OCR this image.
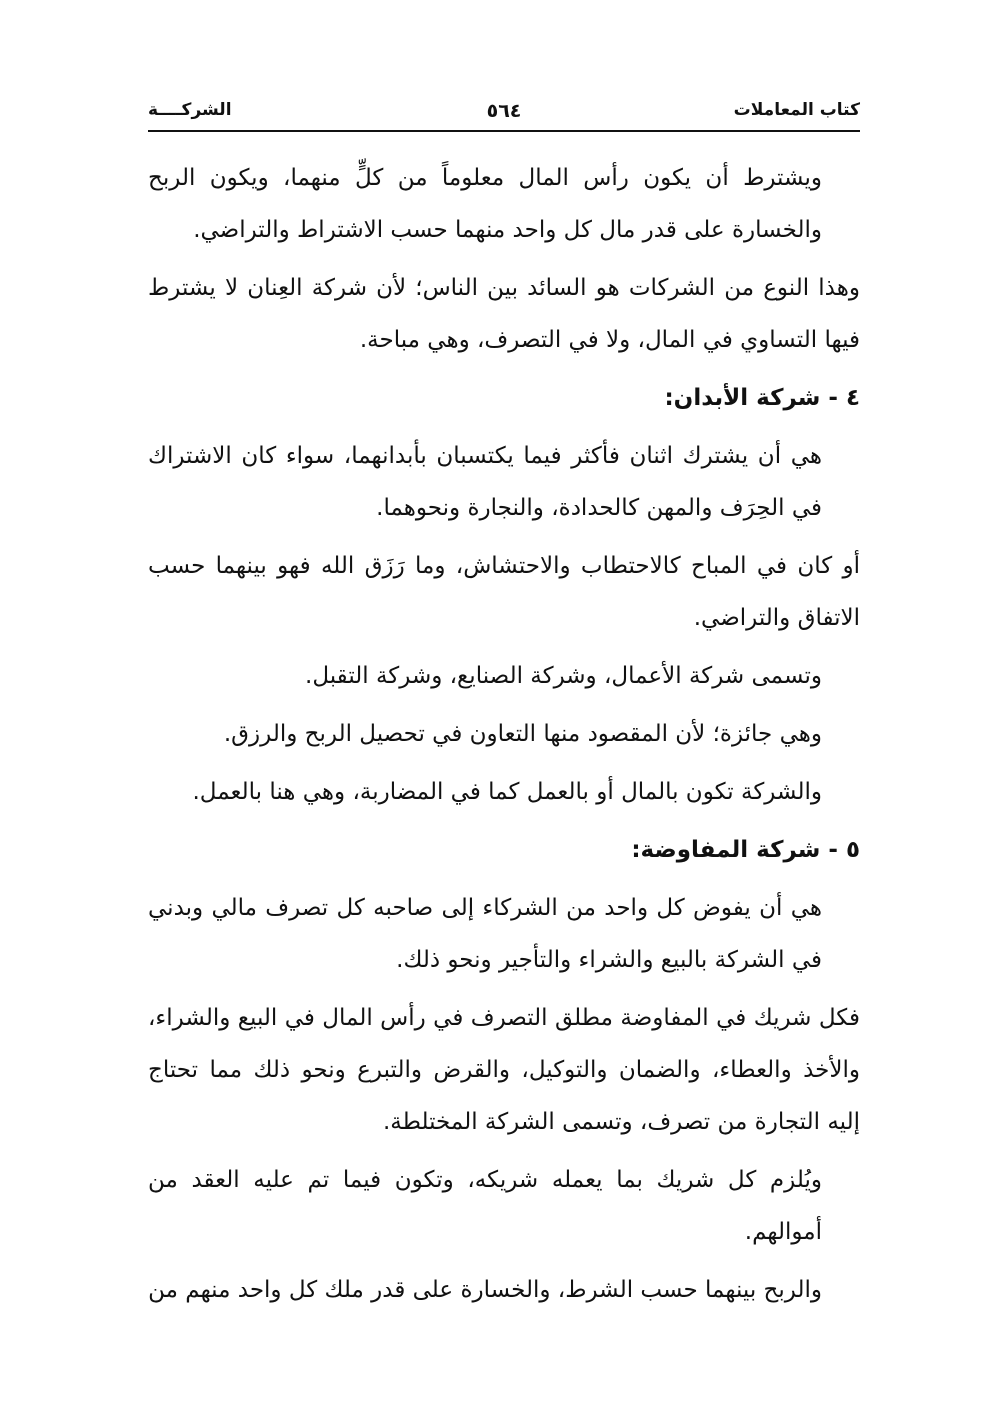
كتاب المعاملات
٥٦٤
الشركــــة

ويشترط أن يكون رأس المال معلوماً من كلٍّ منهما، ويكون الربح والخسارة على قدر مال كل واحد منهما حسب الاشتراط والتراضي.

وهذا النوع من الشركات هو السائد بين الناس؛ لأن شركة العِنان لا يشترط فيها التساوي في المال، ولا في التصرف، وهي مباحة.

٤ - شركة الأبدان:

هي أن يشترك اثنان فأكثر فيما يكتسبان بأبدانهما، سواء كان الاشتراك في الحِرَف والمهن كالحدادة، والنجارة ونحوهما.

أو كان في المباح كالاحتطاب والاحتشاش، وما رَزَق الله فهو بينهما حسب الاتفاق والتراضي.

وتسمى شركة الأعمال، وشركة الصنايع، وشركة التقبل.

وهي جائزة؛ لأن المقصود منها التعاون في تحصيل الربح والرزق.

والشركة تكون بالمال أو بالعمل كما في المضاربة، وهي هنا بالعمل.

٥ - شركة المفاوضة:

هي أن يفوض كل واحد من الشركاء إلى صاحبه كل تصرف مالي وبدني في الشركة بالبيع والشراء والتأجير ونحو ذلك.

فكل شريك في المفاوضة مطلق التصرف في رأس المال في البيع والشراء، والأخذ والعطاء، والضمان والتوكيل، والقرض والتبرع ونحو ذلك مما تحتاج إليه التجارة من تصرف، وتسمى الشركة المختلطة.

ويُلزم كل شريك بما يعمله شريكه، وتكون فيما تم عليه العقد من أموالهم.

والربح بينهما حسب الشرط، والخسارة على قدر ملك كل واحد منهم من
